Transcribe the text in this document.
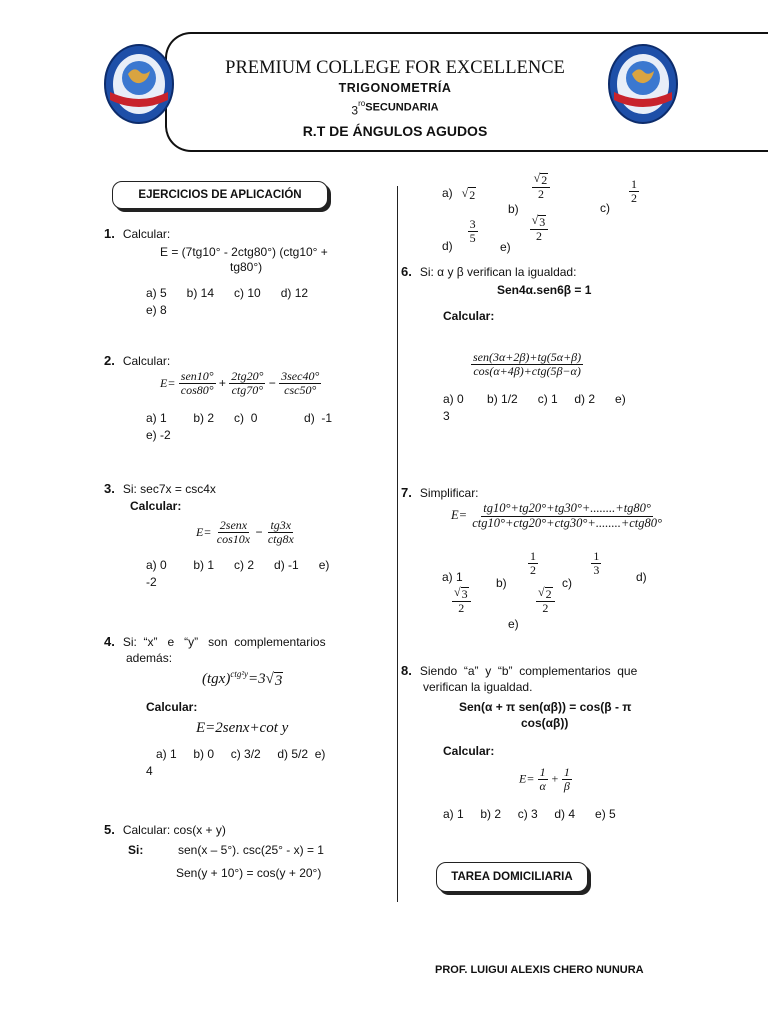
PREMIUM COLLEGE FOR EXCELLENCE
TRIGONOMETRÍA
$3^{ro}SECUNDARIA$
R.T DE ÁNGULOS AGUDOS
EJERCICIOS DE APLICACIÓN
1. Calcular:
E = (7tg10° - 2ctg80°) (ctg10° +
tg80°)
a) 5      b) 14      c) 10      d) 12
e) 8
2. Calcular:
$E= \frac{\text{sen10°}}{\cos 80^\circ} + \frac{2tg20^\circ}{\text{ctg70°}} - \frac{3\sec 40^\circ}{\csc 50^\circ}$
a) 1        b) 2      c)  0              d)  -1
e) -2
3. Si: sec7x = csc4x
Calcular:
$E= \frac{\text{2senx}}{\cos 10x} - \frac{tg3x}{\text{ctg8x}}$
a) 0        b) 1      c) 2      d) -1      e)
-2
4. Si:  “x”   e   “y”   son  complementarios
además:
(tgx)$^{ctg^2y}$=3 √ 3
Calcular:
E=2senx+cot y
a) 1     b) 0     c) 3/2     d) 5/2  e)
4
5. Calcular: cos(x + y)
Si:	sen(x – 5°). csc(25° - x) = 1
Sen(y + 10°) = cos(y + 20°)
a) √ 2
b)
$\frac{√ 2}{2}$
c)
$\frac{1}{2}$
d)
$\frac{3}{5}$
e)
$\frac{√ 3}{2}$
6. Si: α y β verifican la igualdad:
Sen4α.sen6β = 1
Calcular:
$\frac{\text{sen(3α+2β)+tg(5α+β)}}{\text{cos(α+4β)+ctg(5β−α)}}$
a) 0       b) 1/2      c) 1     d) 2      e)
3
7. Simplificar:
$E= \frac{tg10^\circ+tg20^\circ+tg30^\circ+........+tg80^\circ}{\text{ctg10°+ctg20°+ctg30°+........+ctg80°}}$
a) 1	b)
$\frac{1}{2}$
c)
$\frac{1}{3}$	d)
$\frac{√ 3}{2}$
e)
$\frac{√ 2}{2}$
8. Siendo  “a”  y  “b”  complementarios  que
verifican la igualdad.
Sen(α + π sen(αβ)) = cos(β - π
cos(αβ))
Calcular:
$E= \frac{1}{\alpha} + \frac{1}{\beta}$
a) 1     b) 2     c) 3     d) 4      e) 5
TAREA DOMICILIARIA
PROF. LUIGUI ALEXIS CHERO NUNURA
